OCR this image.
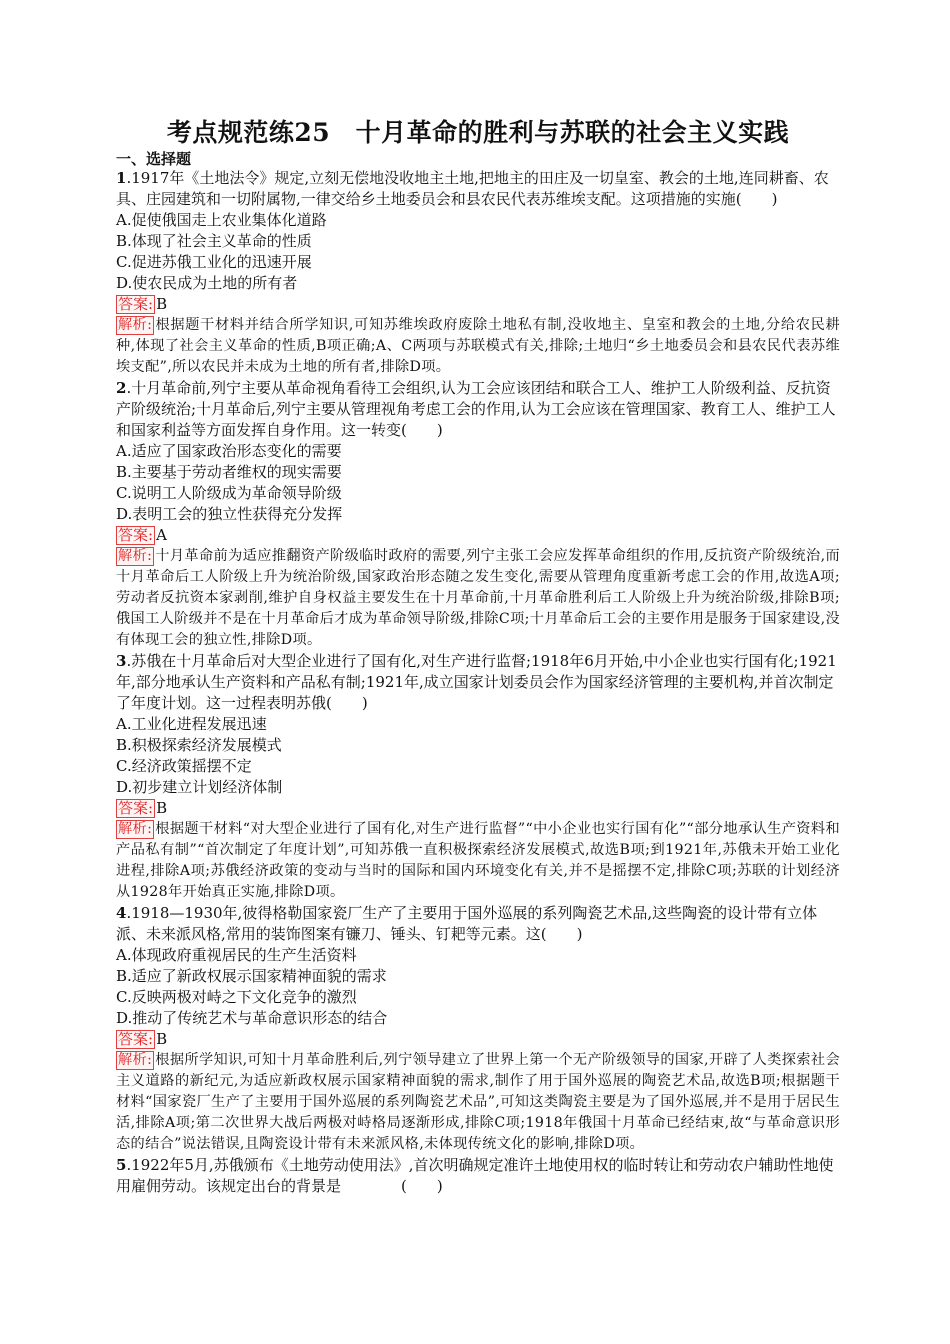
考点规范练25　十月革命的胜利与苏联的社会主义实践
一、选择题

1.1917年《土地法令》规定,立刻无偿地没收地主土地,把地主的田庄及一切皇室、教会的土地,连同耕畜、农具、庄园建筑和一切附属物,一律交给乡土地委员会和县农民代表苏维埃支配。这项措施的实施(　　)

A.促使俄国走上农业集体化道路

B.体现了社会主义革命的性质

C.促进苏俄工业化的迅速开展

D.使农民成为土地的所有者

答案: B

解析: 根据题干材料并结合所学知识,可知苏维埃政府废除土地私有制,没收地主、皇室和教会的土地,分给农民耕种,体现了社会主义革命的性质,B项正确;A、C两项与苏联模式有关,排除;土地归“乡土地委员会和县农民代表苏维埃支配”,所以农民并未成为土地的所有者,排除D项。

2.十月革命前,列宁主要从革命视角看待工会组织,认为工会应该团结和联合工人、维护工人阶级利益、反抗资产阶级统治;十月革命后,列宁主要从管理视角考虑工会的作用,认为工会应该在管理国家、教育工人、维护工人和国家利益等方面发挥自身作用。这一转变(　　)

A.适应了国家政治形态变化的需要

B.主要基于劳动者维权的现实需要

C.说明工人阶级成为革命领导阶级

D.表明工会的独立性获得充分发挥

答案: A

解析: 十月革命前为适应推翻资产阶级临时政府的需要,列宁主张工会应发挥革命组织的作用,反抗资产阶级统治,而十月革命后工人阶级上升为统治阶级,国家政治形态随之发生变化,需要从管理角度重新考虑工会的作用,故选A项;劳动者反抗资本家剥削,维护自身权益主要发生在十月革命前,十月革命胜利后工人阶级上升为统治阶级,排除B项;俄国工人阶级并不是在十月革命后才成为革命领导阶级,排除C项;十月革命后工会的主要作用是服务于国家建设,没有体现工会的独立性,排除D项。

3.苏俄在十月革命后对大型企业进行了国有化,对生产进行监督;1918年6月开始,中小企业也实行国有化;1921年,部分地承认生产资料和产品私有制;1921年,成立国家计划委员会作为国家经济管理的主要机构,并首次制定了年度计划。这一过程表明苏俄(　　)

A.工业化进程发展迅速

B.积极探索经济发展模式

C.经济政策摇摆不定

D.初步建立计划经济体制

答案: B

解析: 根据题干材料“对大型企业进行了国有化,对生产进行监督”“中小企业也实行国有化”“部分地承认生产资料和产品私有制”“首次制定了年度计划”,可知苏俄一直积极探索经济发展模式,故选B项;到1921年,苏俄未开始工业化进程,排除A项;苏俄经济政策的变动与当时的国际和国内环境变化有关,并不是摇摆不定,排除C项;苏联的计划经济从1928年开始真正实施,排除D项。

4.1918—1930年,彼得格勒国家瓷厂生产了主要用于国外巡展的系列陶瓷艺术品,这些陶瓷的设计带有立体派、未来派风格,常用的装饰图案有镰刀、锤头、钉耙等元素。这(　　)

A.体现政府重视居民的生产生活资料

B.适应了新政权展示国家精神面貌的需求

C.反映两极对峙之下文化竞争的激烈

D.推动了传统艺术与革命意识形态的结合

答案: B

解析: 根据所学知识,可知十月革命胜利后,列宁领导建立了世界上第一个无产阶级领导的国家,开辟了人类探索社会主义道路的新纪元,为适应新政权展示国家精神面貌的需求,制作了用于国外巡展的陶瓷艺术品,故选B项;根据题干材料“国家瓷厂生产了主要用于国外巡展的系列陶瓷艺术品”,可知这类陶瓷主要是为了国外巡展,并不是用于居民生活,排除A项;第二次世界大战后两极对峙格局逐渐形成,排除C项;1918年俄国十月革命已经结束,故“与革命意识形态的结合”说法错误,且陶瓷设计带有未来派风格,未体现传统文化的影响,排除D项。

5.1922年5月,苏俄颁布《土地劳动使用法》,首次明确规定准许土地使用权的临时转让和劳动农户辅助性地使用雇佣劳动。该规定出台的背景是　　　　(　　)
